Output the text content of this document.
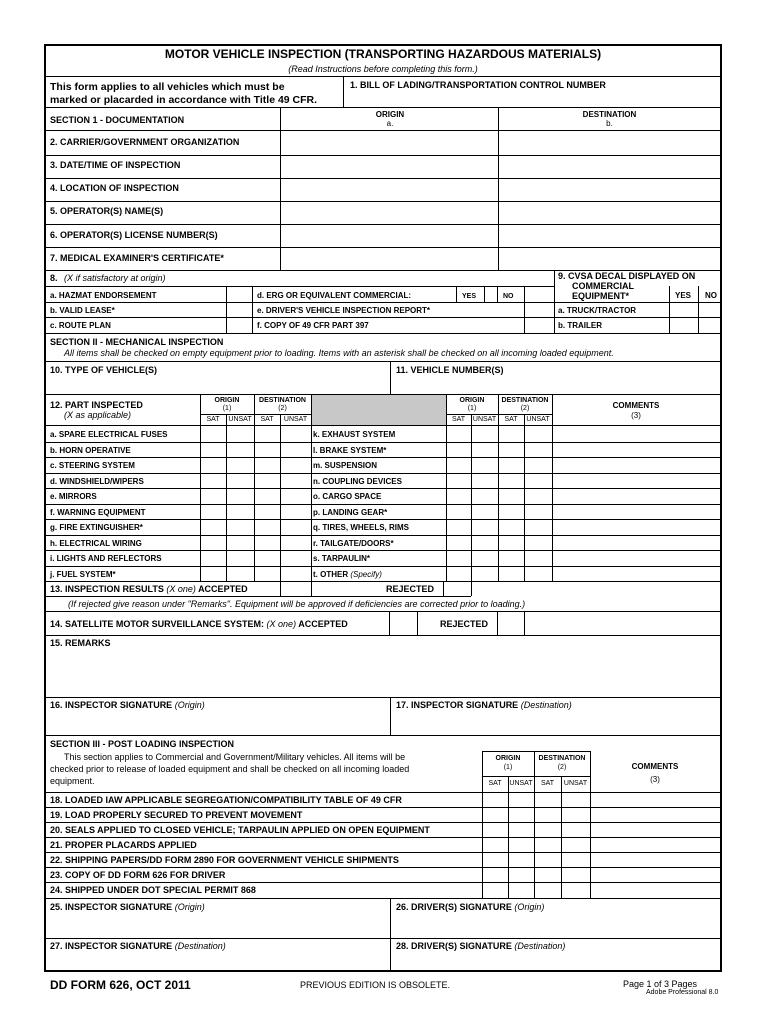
MOTOR VEHICLE INSPECTION (TRANSPORTING HAZARDOUS MATERIALS)
(Read Instructions before completing this form.)
This form applies to all vehicles which must be
marked or placarded in accordance with Title 49 CFR.
1. BILL OF LADING/TRANSPORTATION CONTROL NUMBER
SECTION 1 - DOCUMENTATION
ORIGIN
a.
DESTINATION
b.
2. CARRIER/GOVERNMENT ORGANIZATION
3. DATE/TIME OF INSPECTION
4. LOCATION OF INSPECTION
5. OPERATOR(S) NAME(S)
6. OPERATOR(S) LICENSE NUMBER(S)
7. MEDICAL EXAMINER'S CERTIFICATE*
8. (X if satisfactory at origin)
a. HAZMAT ENDORSEMENT
b. VALID LEASE*
c. ROUTE PLAN
d. ERG OR EQUIVALENT COMMERCIAL:	YES	NO
e. DRIVER'S VEHICLE INSPECTION REPORT*
f. COPY OF 49 CFR PART 397
9. CVSA DECAL DISPLAYED ON
COMMERCIAL
EQUIPMENT*	YES NO
a. TRUCK/TRACTOR
b. TRAILER
SECTION II - MECHANICAL INSPECTION
All items shall be checked on empty equipment prior to loading. Items with an asterisk shall be checked on all incoming loaded equipment.
10. TYPE OF VEHICLE(S)	11. VEHICLE NUMBER(S)
12. PART INSPECTED
(X as applicable)
ORIGIN
(1)
DESTINATION
(2)
SAT	UNSAT	SAT	UNSAT
ORIGIN
(1)
DESTINATION
(2)
SAT	UNSAT	SAT	UNSAT
COMMENTS
(3)
a. SPARE ELECTRICAL FUSES	k. EXHAUST SYSTEM
b. HORN OPERATIVE	l. BRAKE SYSTEM*
c. STEERING SYSTEM	m. SUSPENSION
d. WINDSHIELD/WIPERS	n. COUPLING DEVICES
e. MIRRORS	o. CARGO SPACE
f. WARNING EQUIPMENT	p. LANDING GEAR*
g. FIRE EXTINGUISHER*	q. TIRES, WHEELS, RIMS
h. ELECTRICAL WIRING	r. TAILGATE/DOORS*
i. LIGHTS AND REFLECTORS	s. TARPAULIN*
j. FUEL SYSTEM*	t. OTHER (Specify)
13. INSPECTION RESULTS (X one) ACCEPTED	REJECTED
(If rejected give reason under "Remarks". Equipment will be approved if deficiencies are corrected prior to loading.)
14. SATELLITE MOTOR SURVEILLANCE SYSTEM: (X one) ACCEPTED	REJECTED
15. REMARKS
16. INSPECTOR SIGNATURE (Origin)	17. INSPECTOR SIGNATURE (Destination)
SECTION III - POST LOADING INSPECTION
This section applies to Commercial and Government/Military vehicles. All items will be
checked prior to release of loaded equipment and shall be checked on all incoming loaded
equipment.
ORIGIN
(1)
DESTINATION
(2)
SAT	UNSAT	SAT	UNSAT
COMMENTS
(3)
18. LOADED IAW APPLICABLE SEGREGATION/COMPATIBILITY TABLE OF 49 CFR
19. LOAD PROPERLY SECURED TO PREVENT MOVEMENT
20. SEALS APPLIED TO CLOSED VEHICLE; TARPAULIN APPLIED ON OPEN EQUIPMENT
21. PROPER PLACARDS APPLIED
22. SHIPPING PAPERS/DD FORM 2890 FOR GOVERNMENT VEHICLE SHIPMENTS
23. COPY OF DD FORM 626 FOR DRIVER
24. SHIPPED UNDER DOT SPECIAL PERMIT 868
25. INSPECTOR SIGNATURE (Origin)	26. DRIVER(S) SIGNATURE (Origin)
27. INSPECTOR SIGNATURE (Destination)	28. DRIVER(S) SIGNATURE (Destination)
DD FORM 626, OCT 2011	PREVIOUS EDITION IS OBSOLETE.	Page 1 of 3 Pages
Adobe Professional 8.0
